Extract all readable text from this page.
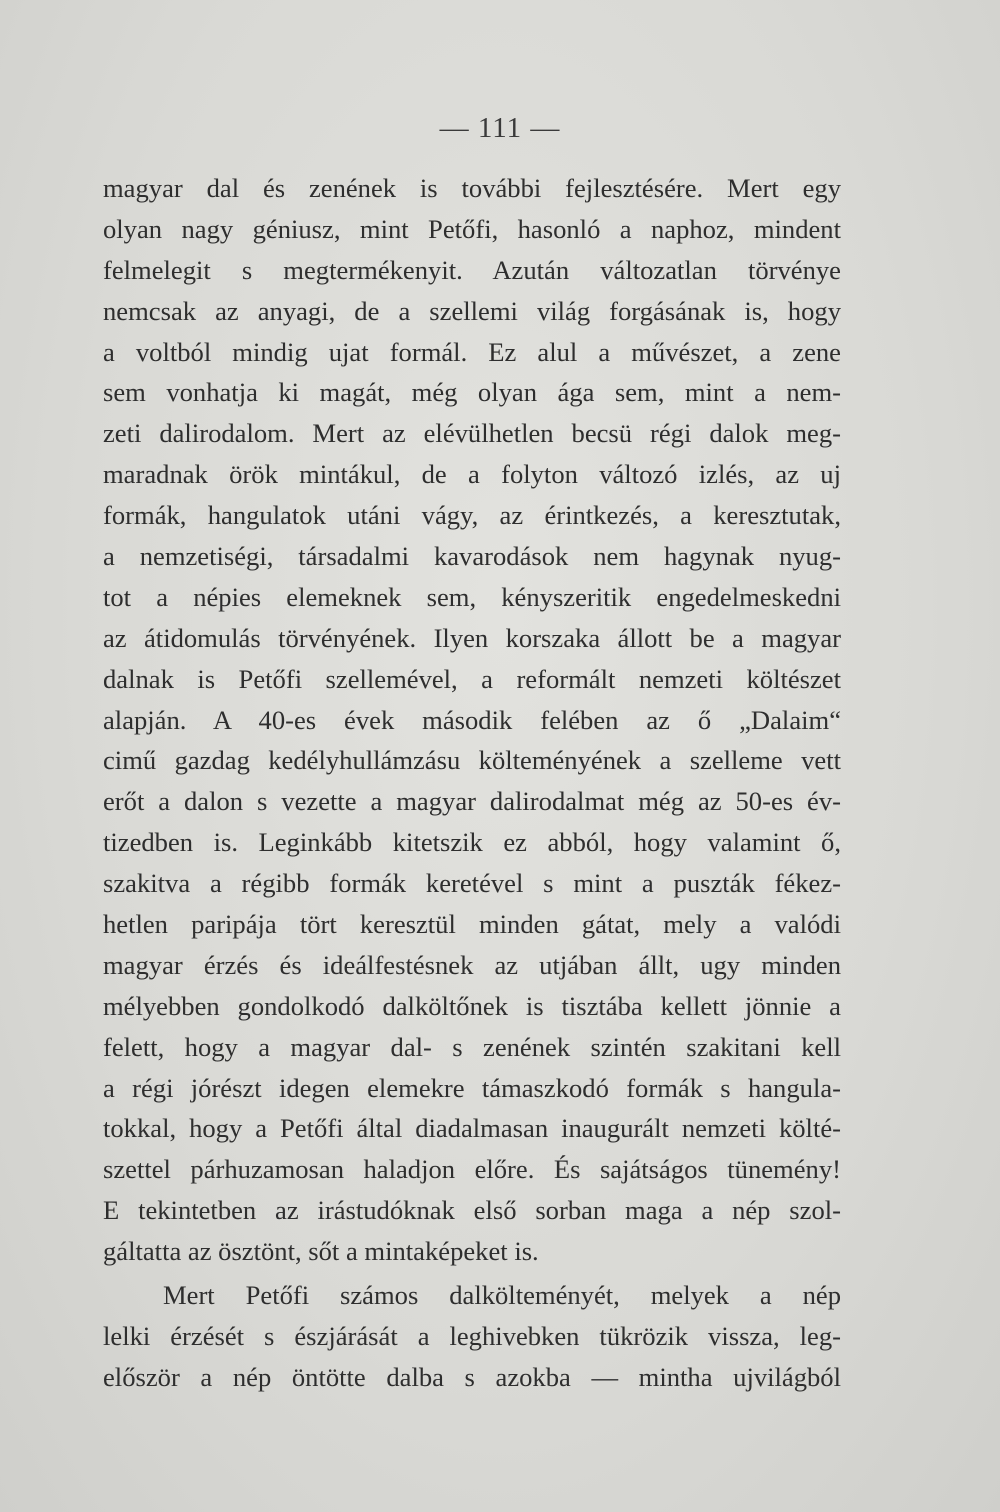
— 111 —
magyar dal és zenének is további fejlesztésére. Mert egy
olyan nagy géniusz, mint Petőfi, hasonló a naphoz, mindent
felmelegit s megtermékenyit. Azután változatlan törvénye
nemcsak az anyagi, de a szellemi világ forgásának is, hogy
a voltból mindig ujat formál. Ez alul a művészet, a zene
sem vonhatja ki magát, még olyan ága sem, mint a nem-
zeti dalirodalom. Mert az elévülhetlen becsü régi dalok meg-
maradnak örök mintákul, de a folyton változó izlés, az uj
formák, hangulatok utáni vágy, az érintkezés, a keresztutak,
a nemzetiségi, társadalmi kavarodások nem hagynak nyug-
tot a népies elemeknek sem, kényszeritik engedelmeskedni
az átidomulás törvényének. Ilyen korszaka állott be a magyar
dalnak is Petőfi szellemével, a reformált nemzeti költészet
alapján. A 40-es évek második felében az ő „Dalaim“
cimű gazdag kedélyhullámzásu költeményének a szelleme vett
erőt a dalon s vezette a magyar dalirodalmat még az 50-es év-
tizedben is. Leginkább kitetszik ez abból, hogy valamint ő,
szakitva a régibb formák keretével s mint a puszták fékez-
hetlen paripája tört keresztül minden gátat, mely a valódi
magyar érzés és ideálfestésnek az utjában állt, ugy minden
mélyebben gondolkodó dalköltőnek is tisztába kellett jönnie a
felett, hogy a magyar dal- s zenének szintén szakitani kell
a régi jórészt idegen elemekre támaszkodó formák s hangula-
tokkal, hogy a Petőfi által diadalmasan inaugurált nemzeti költé-
szettel párhuzamosan haladjon előre. És sajátságos tünemény!
E tekintetben az irástudóknak első sorban maga a nép szol-
gáltatta az ösztönt, sőt a mintaképeket is.
Mert Petőfi számos dalkölteményét, melyek a nép
lelki érzését s észjárását a leghivebken tükrözik vissza, leg-
először a nép öntötte dalba s azokba — mintha ujvilágból
